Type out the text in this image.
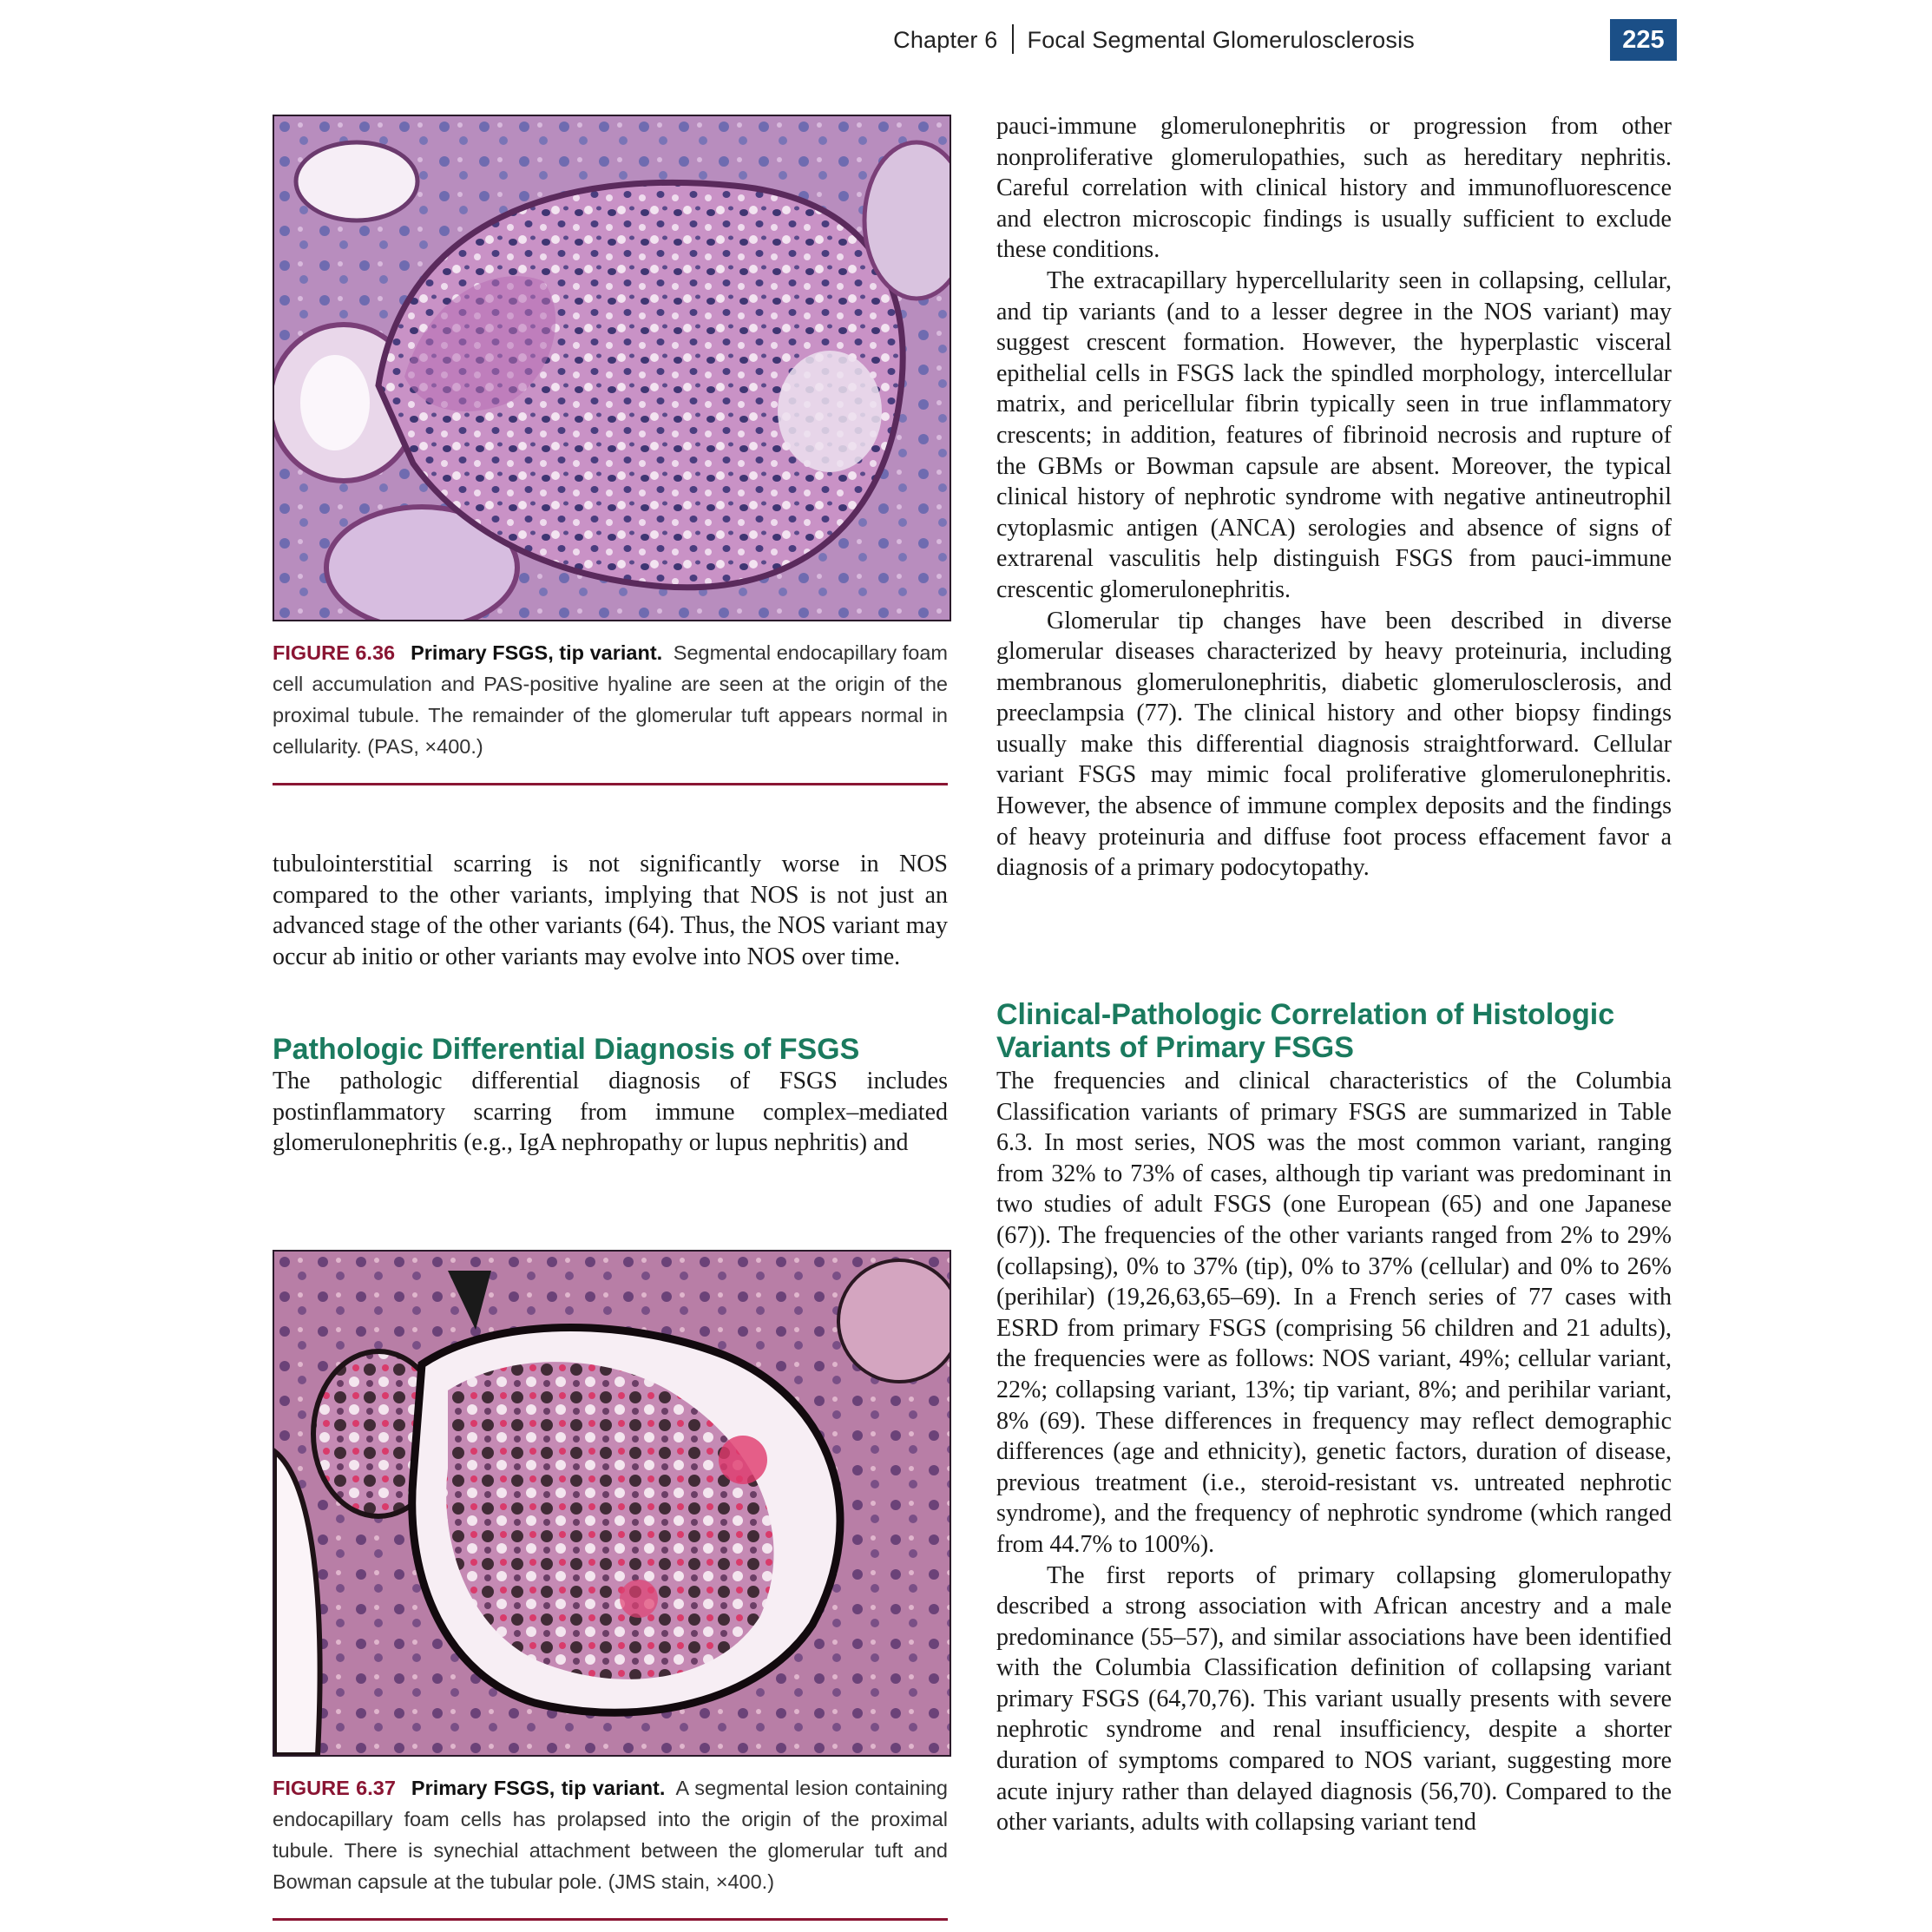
Chapter 6 Focal Segmental Glomerulosclerosis	225
FIGURE 6.36 Primary FSGS, tip variant. Segmental endocapillary foam cell accumulation and PAS-positive hyaline are seen at the origin of the proximal tubule. The remainder of the glomerular tuft appears normal in cellularity. (PAS, ×400.)

tubulointerstitial scarring is not significantly worse in NOS compared to the other variants, implying that NOS is not just an advanced stage of the other variants (64). Thus, the NOS variant may occur ab initio or other variants may evolve into NOS over time.

Pathologic Differential Diagnosis of FSGS

The pathologic differential diagnosis of FSGS includes postinflammatory scarring from immune complex–mediated glomerulonephritis (e.g., IgA nephropathy or lupus nephritis) and

FIGURE 6.37 Primary FSGS, tip variant. A segmental lesion containing endocapillary foam cells has prolapsed into the origin of the proximal tubule. There is synechial attachment between the glomerular tuft and Bowman capsule at the tubular pole. (JMS stain, ×400.)

pauci-immune glomerulonephritis or progression from other nonproliferative glomerulopathies, such as hereditary nephritis. Careful correlation with clinical history and immunofluorescence and electron microscopic findings is usually sufficient to exclude these conditions.

The extracapillary hypercellularity seen in collapsing, cellular, and tip variants (and to a lesser degree in the NOS variant) may suggest crescent formation. However, the hyperplastic visceral epithelial cells in FSGS lack the spindled morphology, intercellular matrix, and pericellular fibrin typically seen in true inflammatory crescents; in addition, features of fibrinoid necrosis and rupture of the GBMs or Bowman capsule are absent. Moreover, the typical clinical history of nephrotic syndrome with negative antineutrophil cytoplasmic antigen (ANCA) serologies and absence of signs of extrarenal vasculitis help distinguish FSGS from pauci-immune crescentic glomerulonephritis.

Glomerular tip changes have been described in diverse glomerular diseases characterized by heavy proteinuria, including membranous glomerulonephritis, diabetic glomerulosclerosis, and preeclampsia (77). The clinical history and other biopsy findings usually make this differential diagnosis straightforward. Cellular variant FSGS may mimic focal proliferative glomerulonephritis. However, the absence of immune complex deposits and the findings of heavy proteinuria and diffuse foot process effacement favor a diagnosis of a primary podocytopathy.

Clinical-Pathologic Correlation of Histologic Variants of Primary FSGS

The frequencies and clinical characteristics of the Columbia Classification variants of primary FSGS are summarized in Table 6.3. In most series, NOS was the most common variant, ranging from 32% to 73% of cases, although tip variant was predominant in two studies of adult FSGS (one European (65) and one Japanese (67)). The frequencies of the other variants ranged from 2% to 29% (collapsing), 0% to 37% (tip), 0% to 37% (cellular) and 0% to 26% (perihilar) (19,26,63,65–69). In a French series of 77 cases with ESRD from primary FSGS (comprising 56 children and 21 adults), the frequencies were as follows: NOS variant, 49%; cellular variant, 22%; collapsing variant, 13%; tip variant, 8%; and perihilar variant, 8% (69). These differences in frequency may reflect demographic differences (age and ethnicity), genetic factors, duration of disease, previous treatment (i.e., steroid-resistant vs. untreated nephrotic syndrome), and the frequency of nephrotic syndrome (which ranged from 44.7% to 100%).

The first reports of primary collapsing glomerulopathy described a strong association with African ancestry and a male predominance (55–57), and similar associations have been identified with the Columbia Classification definition of collapsing variant primary FSGS (64,70,76). This variant usually presents with severe nephrotic syndrome and renal insufficiency, despite a shorter duration of symptoms compared to NOS variant, suggesting more acute injury rather than delayed diagnosis (56,70). Compared to the other variants, adults with collapsing variant tend
